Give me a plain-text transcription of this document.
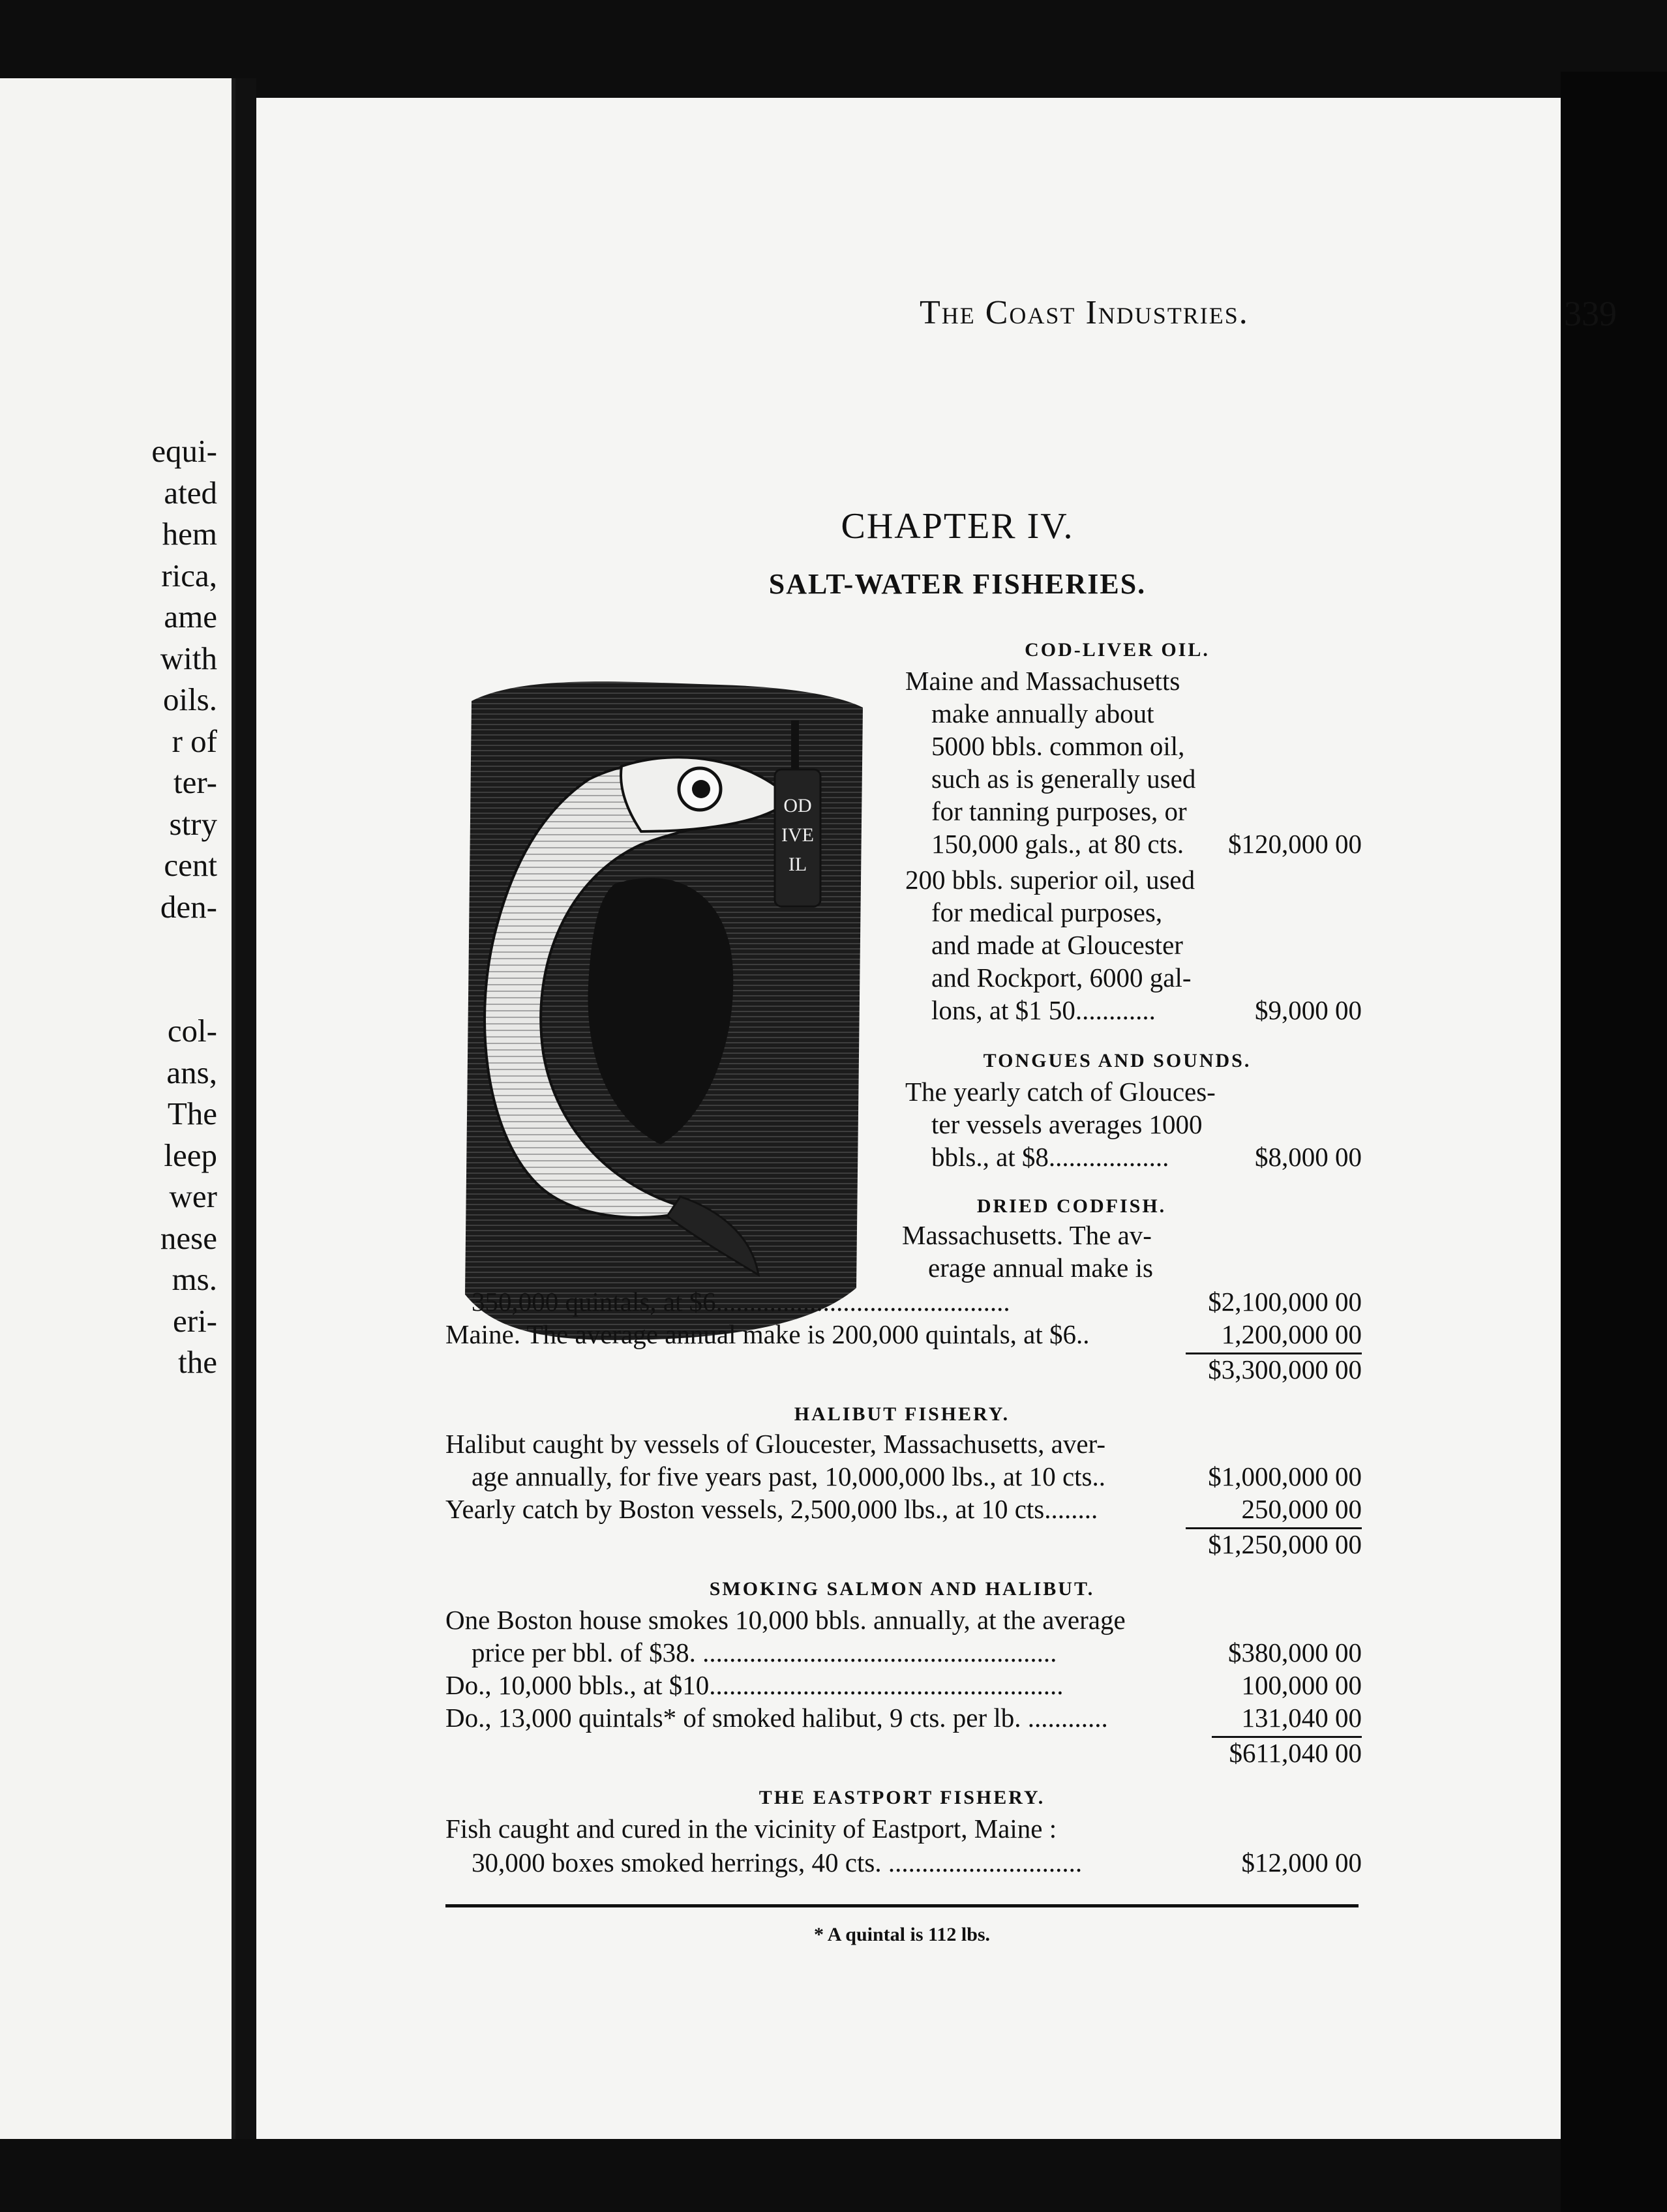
equi-
ated
hem
rica,
ame
with
oils.
r of
ter-
stry
cent
den-
col-
ans,
The
leep
wer
nese
ms.
eri-
the
The Coast Industries.	339
CHAPTER IV.
SALT-WATER FISHERIES.
OD
IVE
IL
COD-LIVER OIL.
Maine and Massachusetts
make annually about
5000 bbls. common oil,
such as is generally used
for tanning purposes, or
150,000 gals., at 80 cts. $120,000 00
200 bbls. superior oil, used
for medical purposes,
and made at Gloucester
and Rockport, 6000 gal-
lons, at $1 50............	$9,000 00
TONGUES AND SOUNDS.
The yearly catch of Glouces-
ter vessels averages 1000
bbls., at $8..................	$8,000 00
DRIED CODFISH.
Massachusetts. The av-
erage annual make is
350,000 quintals, at $6............................................	$2,100,000 00
Maine. The average annual make is 200,000 quintals, at $6..	1,200,000 00
$3,300,000 00
HALIBUT FISHERY.
Halibut caught by vessels of Gloucester, Massachusetts, aver-
age annually, for five years past, 10,000,000 lbs., at 10 cts..	$1,000,000 00
Yearly catch by Boston vessels, 2,500,000 lbs., at 10 cts........	250,000 00
$1,250,000 00
SMOKING SALMON AND HALIBUT.
One Boston house smokes 10,000 bbls. annually, at the average
price per bbl. of $38. .....................................................	$380,000 00
Do., 10,000 bbls., at $10.....................................................	100,000 00
Do., 13,000 quintals* of smoked halibut, 9 cts. per lb. ............	131,040 00
$611,040 00
THE EASTPORT FISHERY.
Fish caught and cured in the vicinity of Eastport, Maine :
30,000 boxes smoked herrings, 40 cts. .............................	$12,000 00
* A quintal is 112 lbs.
